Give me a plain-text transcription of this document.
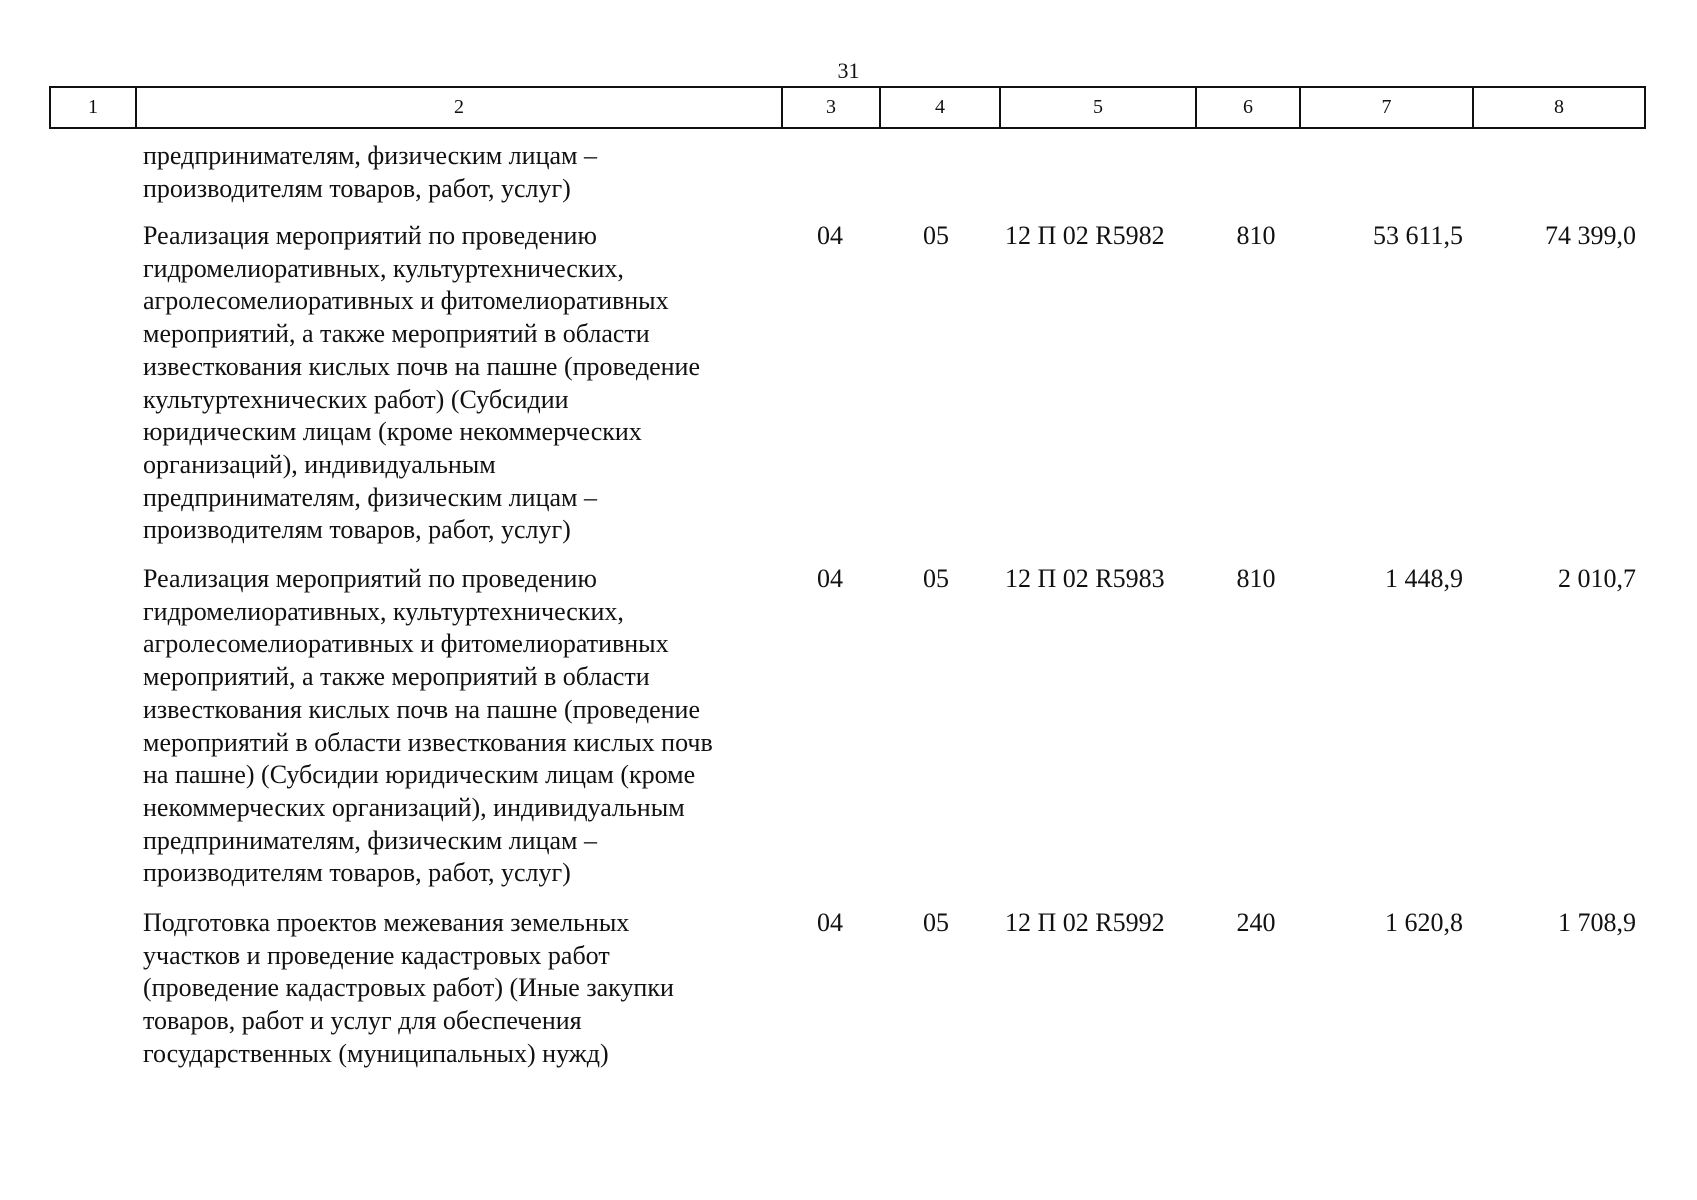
31
1	2	3	4	5	6	7	8
предпринимателям, физическим лицам –
производителям товаров, работ, услуг)
Реализация мероприятий по проведению
гидромелиоративных, культуртехнических,
агролесомелиоративных и фитомелиоративных
мероприятий, а также мероприятий в области
известкования кислых почв на пашне (проведение
культуртехнических работ) (Субсидии
юридическим лицам (кроме некоммерческих
организаций), индивидуальным
предпринимателям, физическим лицам –
производителям товаров, работ, услуг)
04	05	12 П 02 R5982	810	53 611,5	74 399,0
Реализация мероприятий по проведению
гидромелиоративных, культуртехнических,
агролесомелиоративных и фитомелиоративных
мероприятий, а также мероприятий в области
известкования кислых почв на пашне (проведение
мероприятий в области известкования кислых почв
на пашне) (Субсидии юридическим лицам (кроме
некоммерческих организаций), индивидуальным
предпринимателям, физическим лицам –
производителям товаров, работ, услуг)
04	05	12 П 02 R5983	810	1 448,9	2 010,7
Подготовка проектов межевания земельных
участков и проведение кадастровых работ
(проведение кадастровых работ) (Иные закупки
товаров, работ и услуг для обеспечения
государственных (муниципальных) нужд)
04	05	12 П 02 R5992	240	1 620,8	1 708,9
